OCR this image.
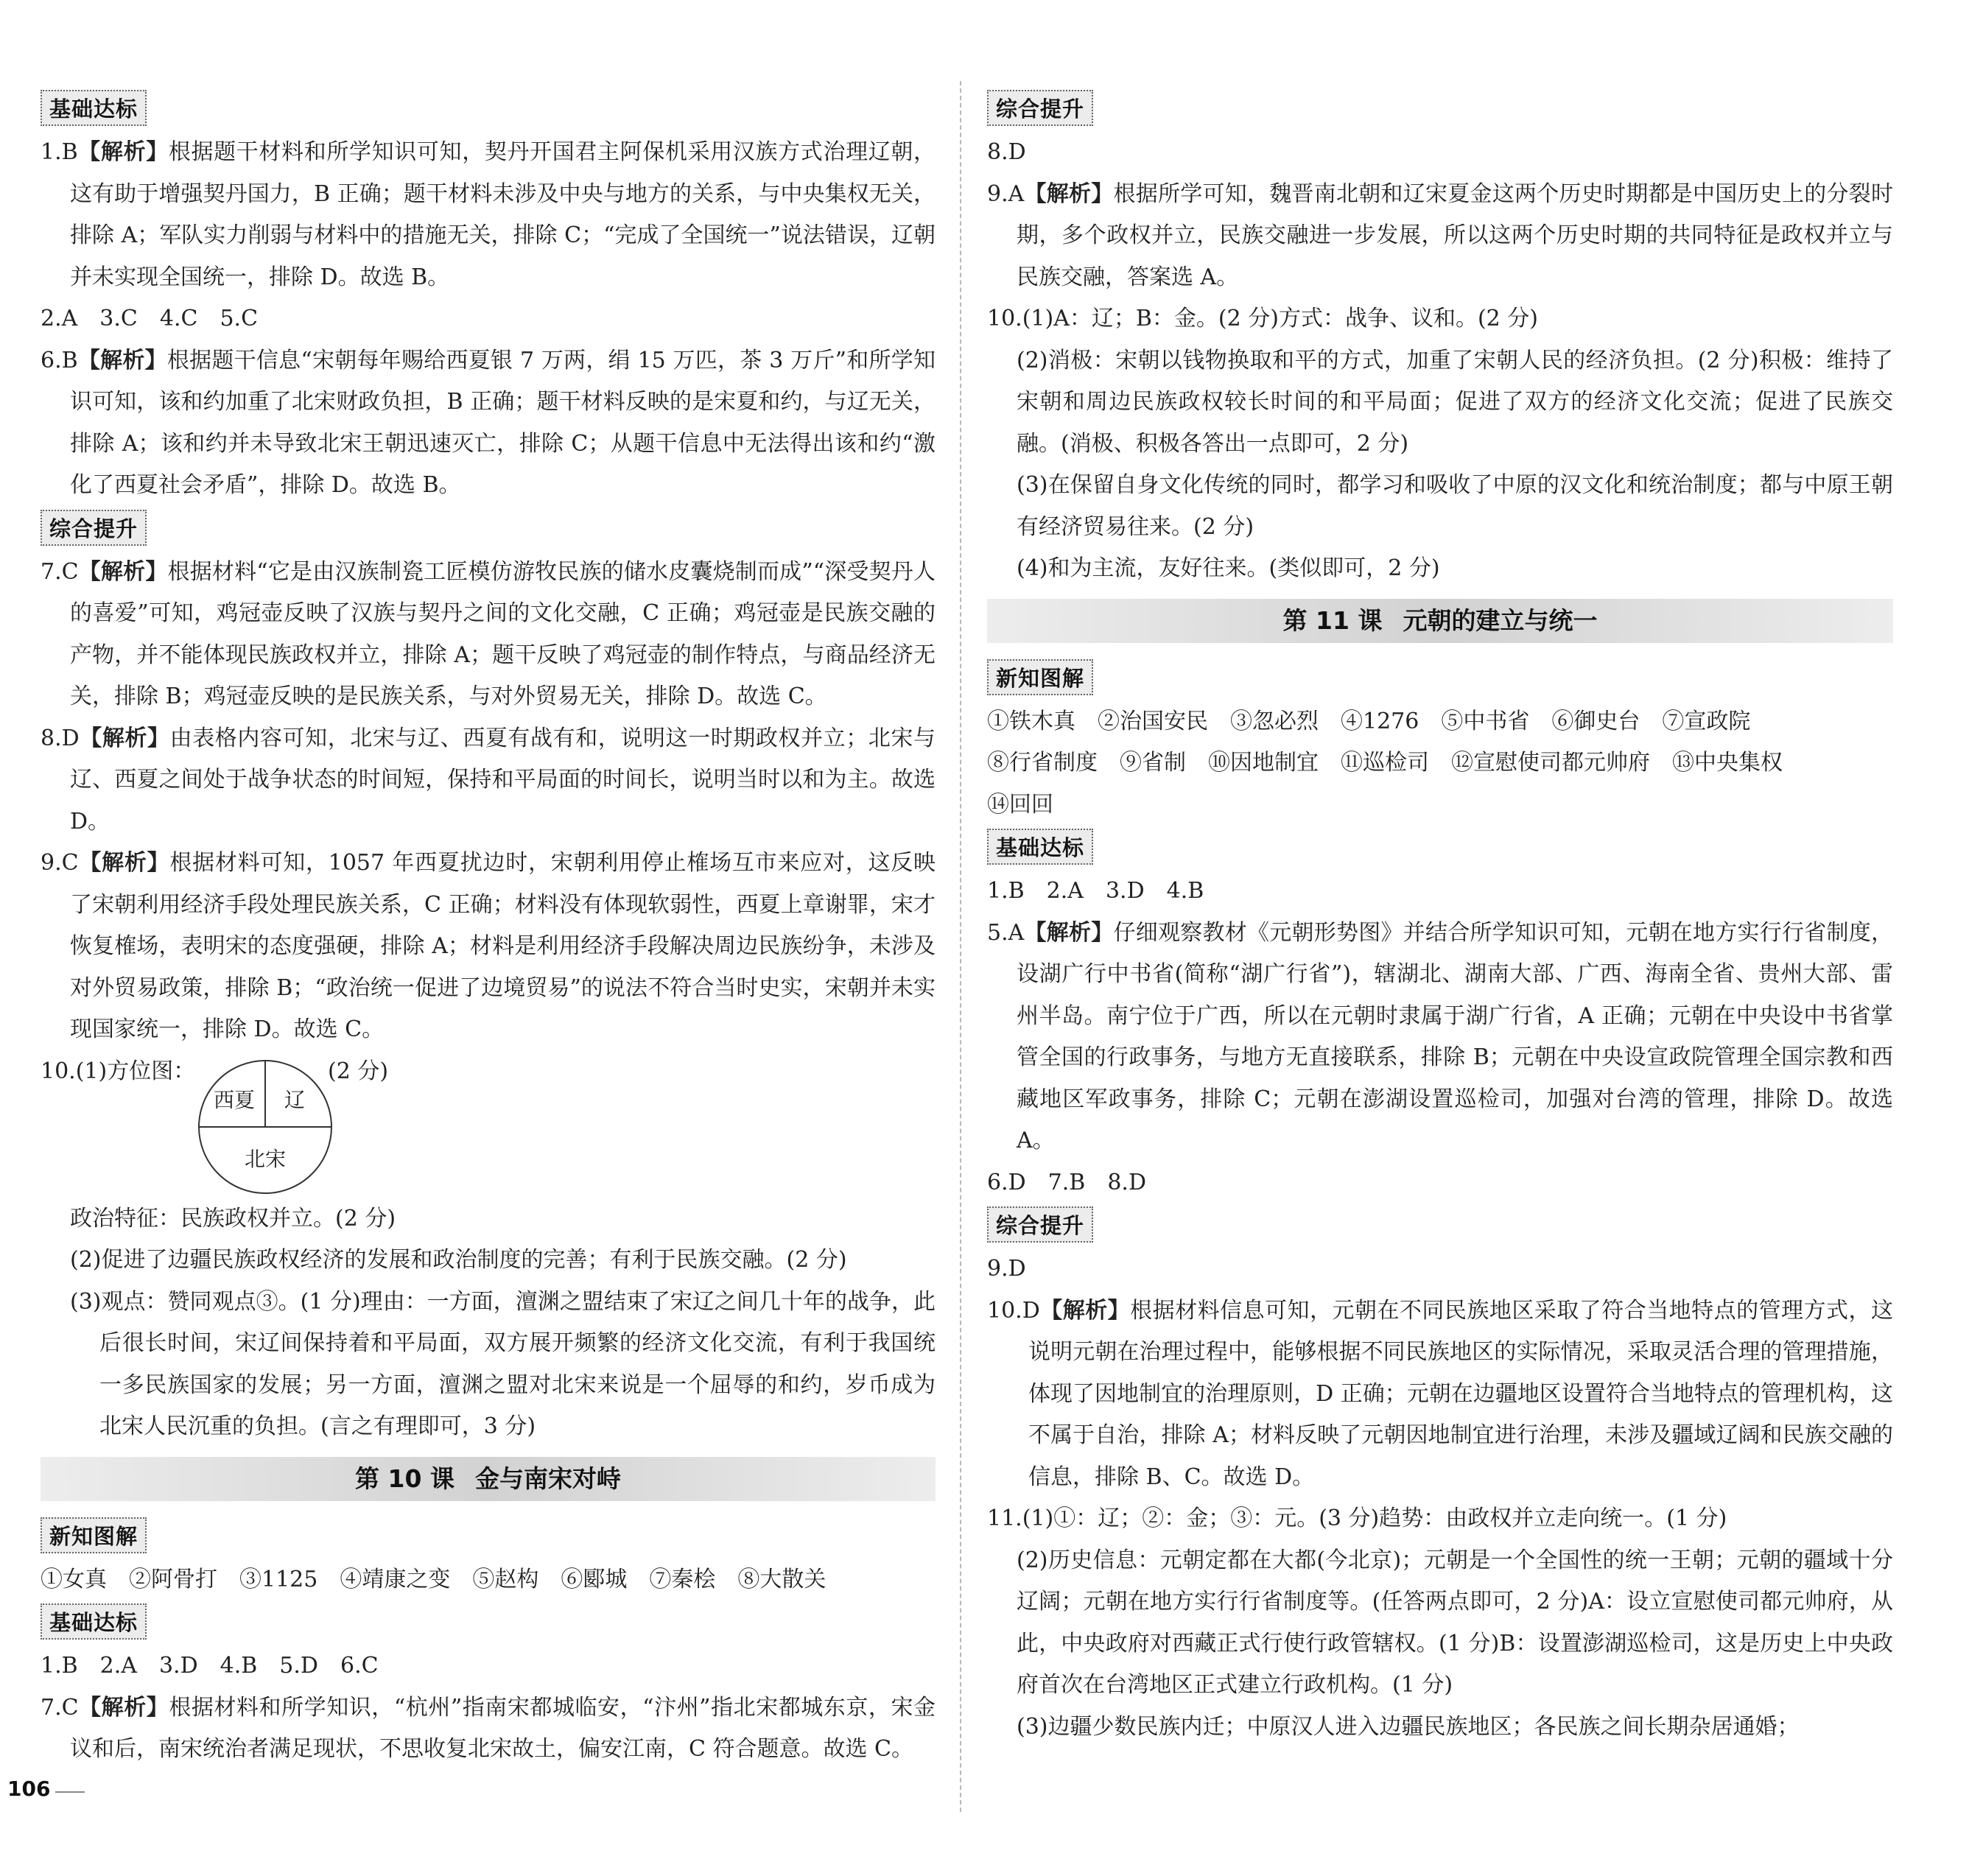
基础达标

1.B【解析】根据题干材料和所学知识可知，契丹开国君主阿保机采用汉族方式治理辽朝，这有助于增强契丹国力，B 正确；题干材料未涉及中央与地方的关系，与中央集权无关，排除 A；军队实力削弱与材料中的措施无关，排除 C；“完成了全国统一”说法错误，辽朝并未实现全国统一，排除 D。故选 B。

2.A　3.C　4.C　5.C

6.B【解析】根据题干信息“宋朝每年赐给西夏银 7 万两，绢 15 万匹，茶 3 万斤”和所学知识可知，该和约加重了北宋财政负担，B 正确；题干材料反映的是宋夏和约，与辽无关，排除 A；该和约并未导致北宋王朝迅速灭亡，排除 C；从题干信息中无法得出该和约“激化了西夏社会矛盾”，排除 D。故选 B。

综合提升

7.C【解析】根据材料“它是由汉族制瓷工匠模仿游牧民族的储水皮囊烧制而成”“深受契丹人的喜爱”可知，鸡冠壶反映了汉族与契丹之间的文化交融，C 正确；鸡冠壶是民族交融的产物，并不能体现民族政权并立，排除 A；题干反映了鸡冠壶的制作特点，与商品经济无关，排除 B；鸡冠壶反映的是民族关系，与对外贸易无关，排除 D。故选 C。

8.D【解析】由表格内容可知，北宋与辽、西夏有战有和，说明这一时期政权并立；北宋与辽、西夏之间处于战争状态的时间短，保持和平局面的时间长，说明当时以和为主。故选 D。

9.C【解析】根据材料可知，1057 年西夏扰边时，宋朝利用停止榷场互市来应对，这反映了宋朝利用经济手段处理民族关系，C 正确；材料没有体现软弱性，西夏上章谢罪，宋才恢复榷场，表明宋的态度强硬，排除 A；材料是利用经济手段解决周边民族纷争，未涉及对外贸易政策，排除 B；“政治统一促进了边境贸易”的说法不符合当时史实，宋朝并未实现国家统一，排除 D。故选 C。

10.(1)方位图：
西夏 辽
北宋
(2 分)

政治特征：民族政权并立。(2 分)

(2)促进了边疆民族政权经济的发展和政治制度的完善；有利于民族交融。(2 分)

(3)观点：赞同观点③。(1 分)理由：一方面，澶渊之盟结束了宋辽之间几十年的战争，此后很长时间，宋辽间保持着和平局面，双方展开频繁的经济文化交流，有利于我国统一多民族国家的发展；另一方面，澶渊之盟对北宋来说是一个屈辱的和约，岁币成为北宋人民沉重的负担。(言之有理即可，3 分)

第 10 课 金与南宋对峙
新知图解

①女真　②阿骨打　③1125　④靖康之变　⑤赵构　⑥郾城　⑦秦桧　⑧大散关

基础达标

1.B　2.A　3.D　4.B　5.D　6.C

7.C【解析】根据材料和所学知识，“杭州”指南宋都城临安，“汴州”指北宋都城东京，宋金议和后，南宋统治者满足现状，不思收复北宋故土，偏安江南，C 符合题意。故选 C。

综合提升

8.D

9.A【解析】根据所学可知，魏晋南北朝和辽宋夏金这两个历史时期都是中国历史上的分裂时期，多个政权并立，民族交融进一步发展，所以这两个历史时期的共同特征是政权并立与民族交融，答案选 A。

10.(1)A：辽；B：金。(2 分)方式：战争、议和。(2 分)

(2)消极：宋朝以钱物换取和平的方式，加重了宋朝人民的经济负担。(2 分)积极：维持了宋朝和周边民族政权较长时间的和平局面；促进了双方的经济文化交流；促进了民族交融。(消极、积极各答出一点即可，2 分)

(3)在保留自身文化传统的同时，都学习和吸收了中原的汉文化和统治制度；都与中原王朝有经济贸易往来。(2 分)

(4)和为主流，友好往来。(类似即可，2 分)

第 11 课 元朝的建立与统一
新知图解

①铁木真　②治国安民　③忽必烈　④1276　⑤中书省　⑥御史台　⑦宣政院

⑧行省制度　⑨省制　⑩因地制宜　⑪巡检司　⑫宣慰使司都元帅府　⑬中央集权

⑭回回

基础达标

1.B　2.A　3.D　4.B

5.A【解析】仔细观察教材《元朝形势图》并结合所学知识可知，元朝在地方实行行省制度，设湖广行中书省(简称“湖广行省”)，辖湖北、湖南大部、广西、海南全省、贵州大部、雷州半岛。南宁位于广西，所以在元朝时隶属于湖广行省，A 正确；元朝在中央设中书省掌管全国的行政事务，与地方无直接联系，排除 B；元朝在中央设宣政院管理全国宗教和西藏地区军政事务，排除 C；元朝在澎湖设置巡检司，加强对台湾的管理，排除 D。故选 A。

6.D　7.B　8.D

综合提升

9.D

10.D【解析】根据材料信息可知，元朝在不同民族地区采取了符合当地特点的管理方式，这说明元朝在治理过程中，能够根据不同民族地区的实际情况，采取灵活合理的管理措施，体现了因地制宜的治理原则，D 正确；元朝在边疆地区设置符合当地特点的管理机构，这不属于自治，排除 A；材料反映了元朝因地制宜进行治理，未涉及疆域辽阔和民族交融的信息，排除 B、C。故选 D。

11.(1)①：辽；②：金；③：元。(3 分)趋势：由政权并立走向统一。(1 分)

(2)历史信息：元朝定都在大都(今北京)；元朝是一个全国性的统一王朝；元朝的疆域十分辽阔；元朝在地方实行行省制度等。(任答两点即可，2 分)A：设立宣慰使司都元帅府，从此，中央政府对西藏正式行使行政管辖权。(1 分)B：设置澎湖巡检司，这是历史上中央政府首次在台湾地区正式建立行政机构。(1 分)

(3)边疆少数民族内迁；中原汉人进入边疆民族地区；各民族之间长期杂居通婚；

106
